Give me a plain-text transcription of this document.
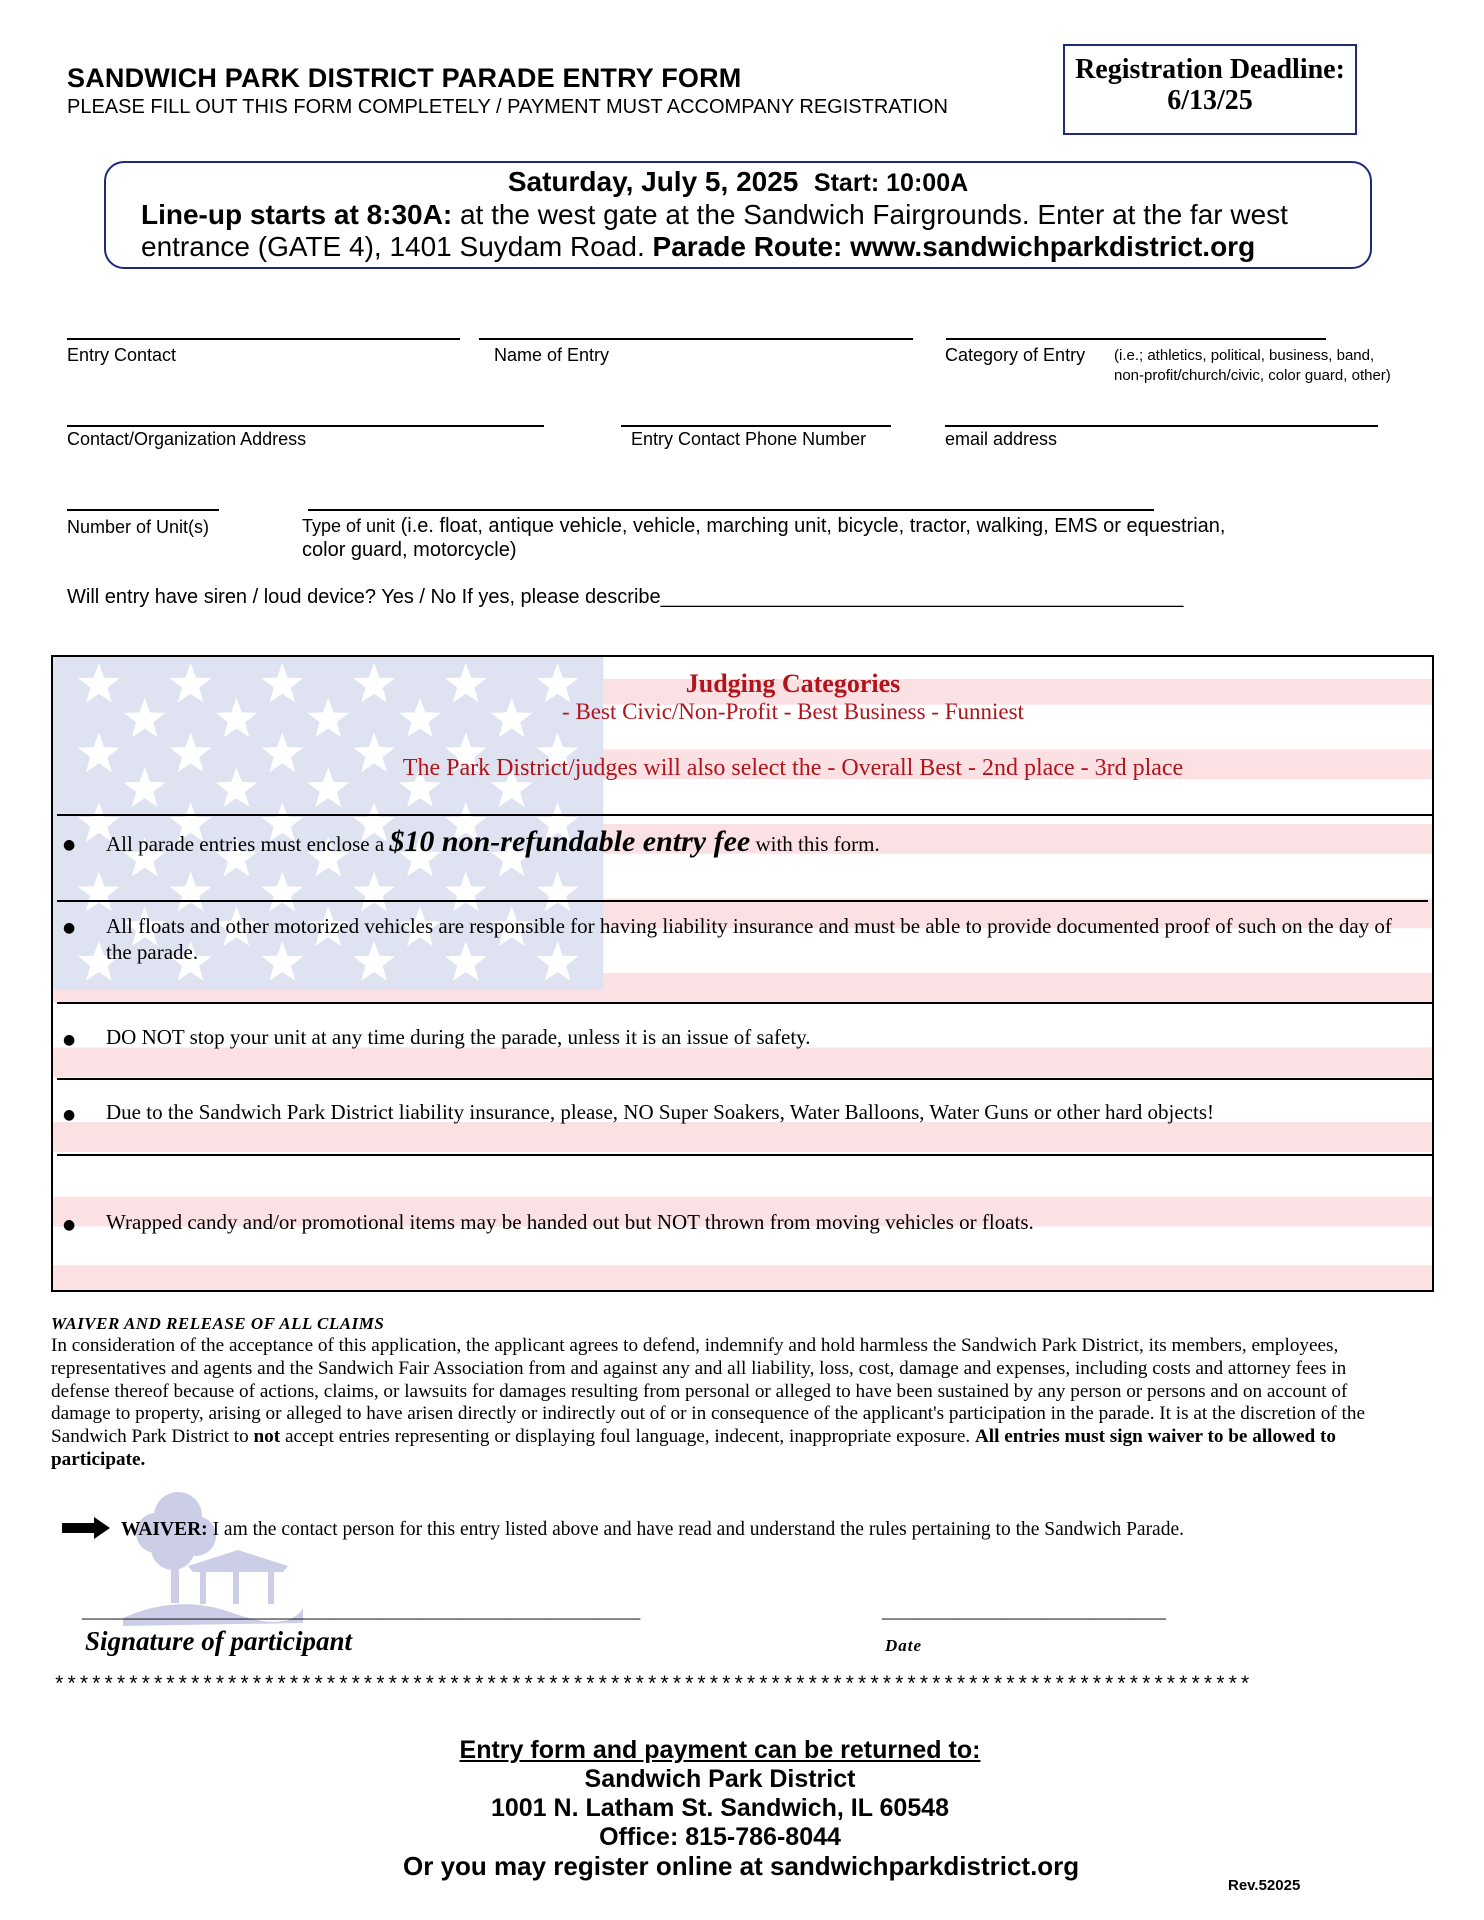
SANDWICH PARK DISTRICT PARADE ENTRY FORM
PLEASE FILL OUT THIS FORM COMPLETELY / PAYMENT MUST ACCOMPANY REGISTRATION
Registration Deadline:
6/13/25
Saturday, July 5, 2025 Start: 10:00A
Line-up starts at 8:30A: at the west gate at the Sandwich Fairgrounds. Enter at the far west entrance (GATE 4), 1401 Suydam Road. Parade Route: www.sandwichparkdistrict.org
Entry Contact	Name of Entry	Category of Entry (i.e.; athletics, political, business, band,
non-profit/church/civic, color guard, other)
Contact/Organization Address	Entry Contact Phone Number	email address
Number of Unit(s)	Type of unit (i.e. float, antique vehicle, vehicle, marching unit, bicycle, tractor, walking, EMS or equestrian,
color guard, motorcycle)
Will entry have siren / loud device? Yes / No If yes, please describe_______________________________________________
Judging Categories
- Best Civic/Non-Profit - Best Business - Funniest
The Park District/judges will also select the - Overall Best - 2nd place - 3rd place
● All parade entries must enclose a $10 non-refundable entry fee with this form.
● All floats and other motorized vehicles are responsible for having liability insurance and must be able to provide documented proof of such on the day of the parade.
● DO NOT stop your unit at any time during the parade, unless it is an issue of safety.
● Due to the Sandwich Park District liability insurance, please, NO Super Soakers, Water Balloons, Water Guns or other hard objects!
● Wrapped candy and/or promotional items may be handed out but NOT thrown from moving vehicles or floats.
WAIVER AND RELEASE OF ALL CLAIMS
In consideration of the acceptance of this application, the applicant agrees to defend, indemnify and hold harmless the Sandwich Park District, its members, employees, representatives and agents and the Sandwich Fair Association from and against any and all liability, loss, cost, damage and expenses, including costs and attorney fees in defense thereof because of actions, claims, or lawsuits for damages resulting from personal or alleged to have been sustained by any person or persons and on account of damage to property, arising or alleged to have arisen directly or indirectly out of or in consequence of the applicant's participation in the parade. It is at the discretion of the Sandwich Park District to not accept entries representing or displaying foul language, indecent, inappropriate exposure. All entries must sign waiver to be allowed to participate.
WAIVER: I am the contact person for this entry listed above and have read and understand the rules pertaining to the Sandwich Parade.
_________________________________________________________	_____________________________
Signature of participant	Date
*************************************************************************************************
Entry form and payment can be returned to:
Sandwich Park District
1001 N. Latham St. Sandwich, IL 60548
Office: 815-786-8044
Or you may register online at sandwichparkdistrict.org
Rev.52025
